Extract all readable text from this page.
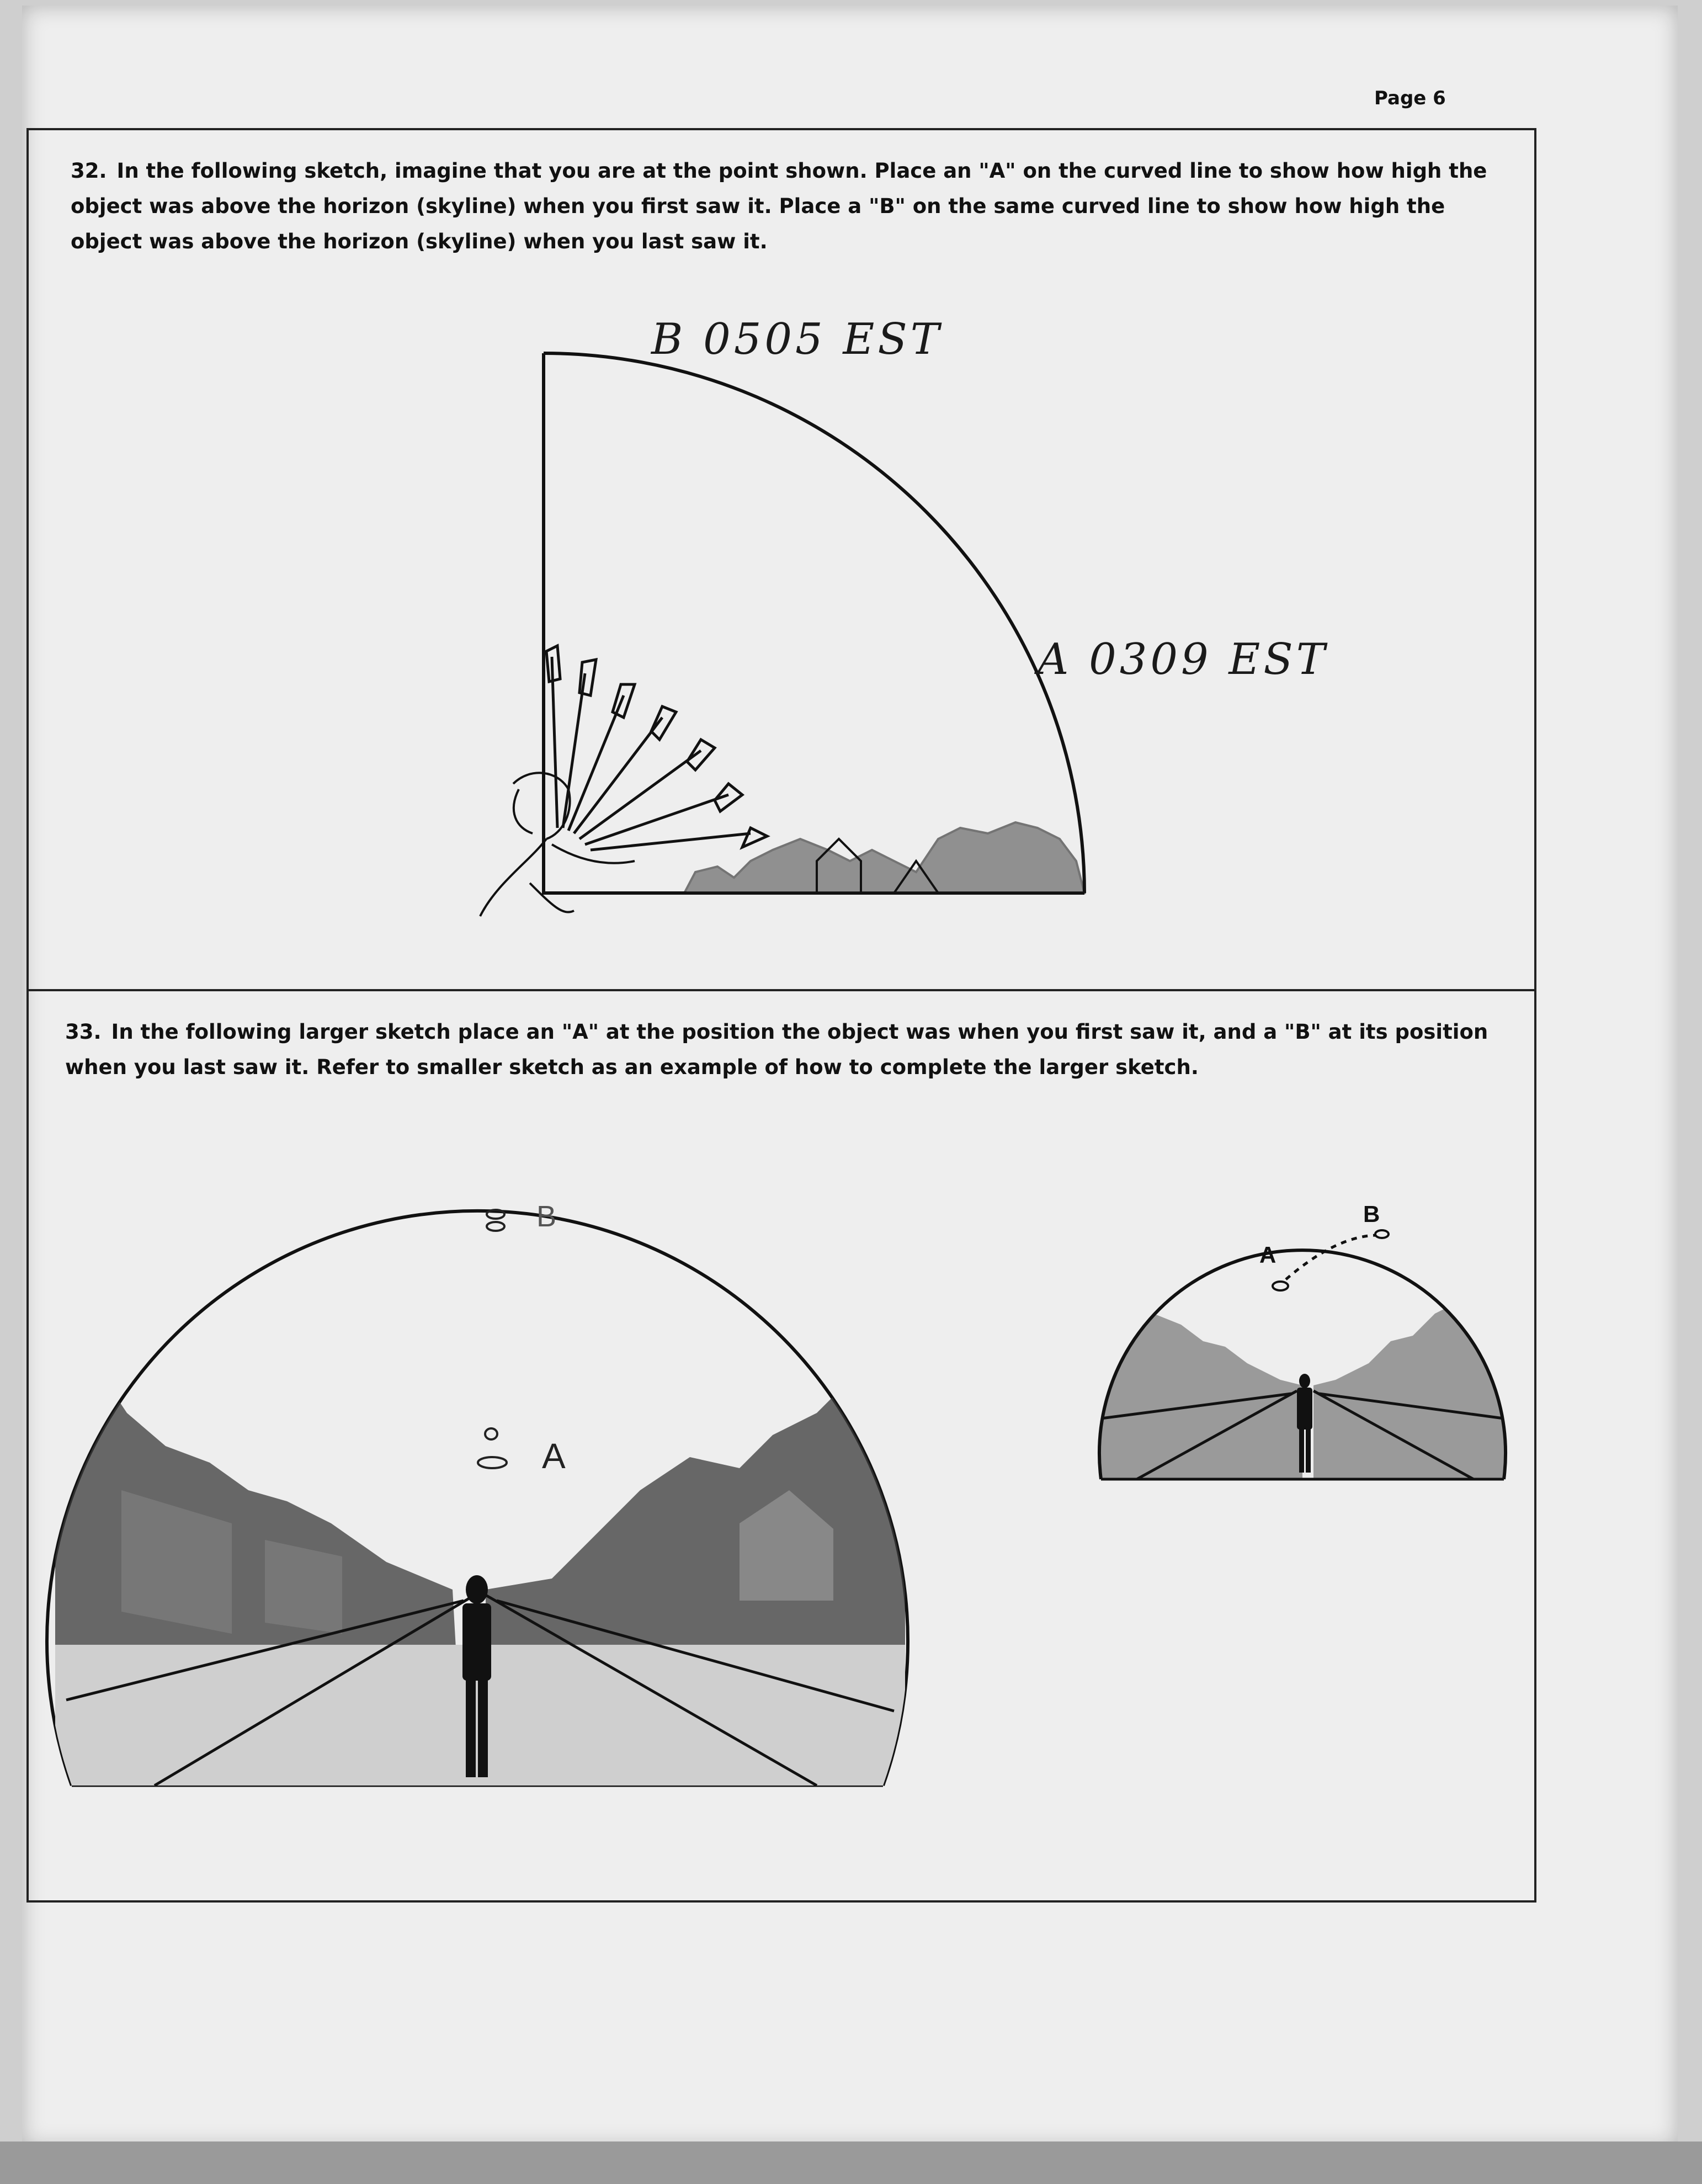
Page 6
32. In the following sketch, imagine that you are at the point shown. Place an "A" on the curved line to show how high the object was above the horizon (skyline) when you first saw it. Place a "B" on the same curved line to show how high the object was above the horizon (skyline) when you last saw it.
B 0505 EST
A 0309 EST
33. In the following larger sketch place an "A" at the position the object was when you first saw it, and a "B" at its position when you last saw it. Refer to smaller sketch as an example of how to complete the larger sketch.
B
A
A
B
